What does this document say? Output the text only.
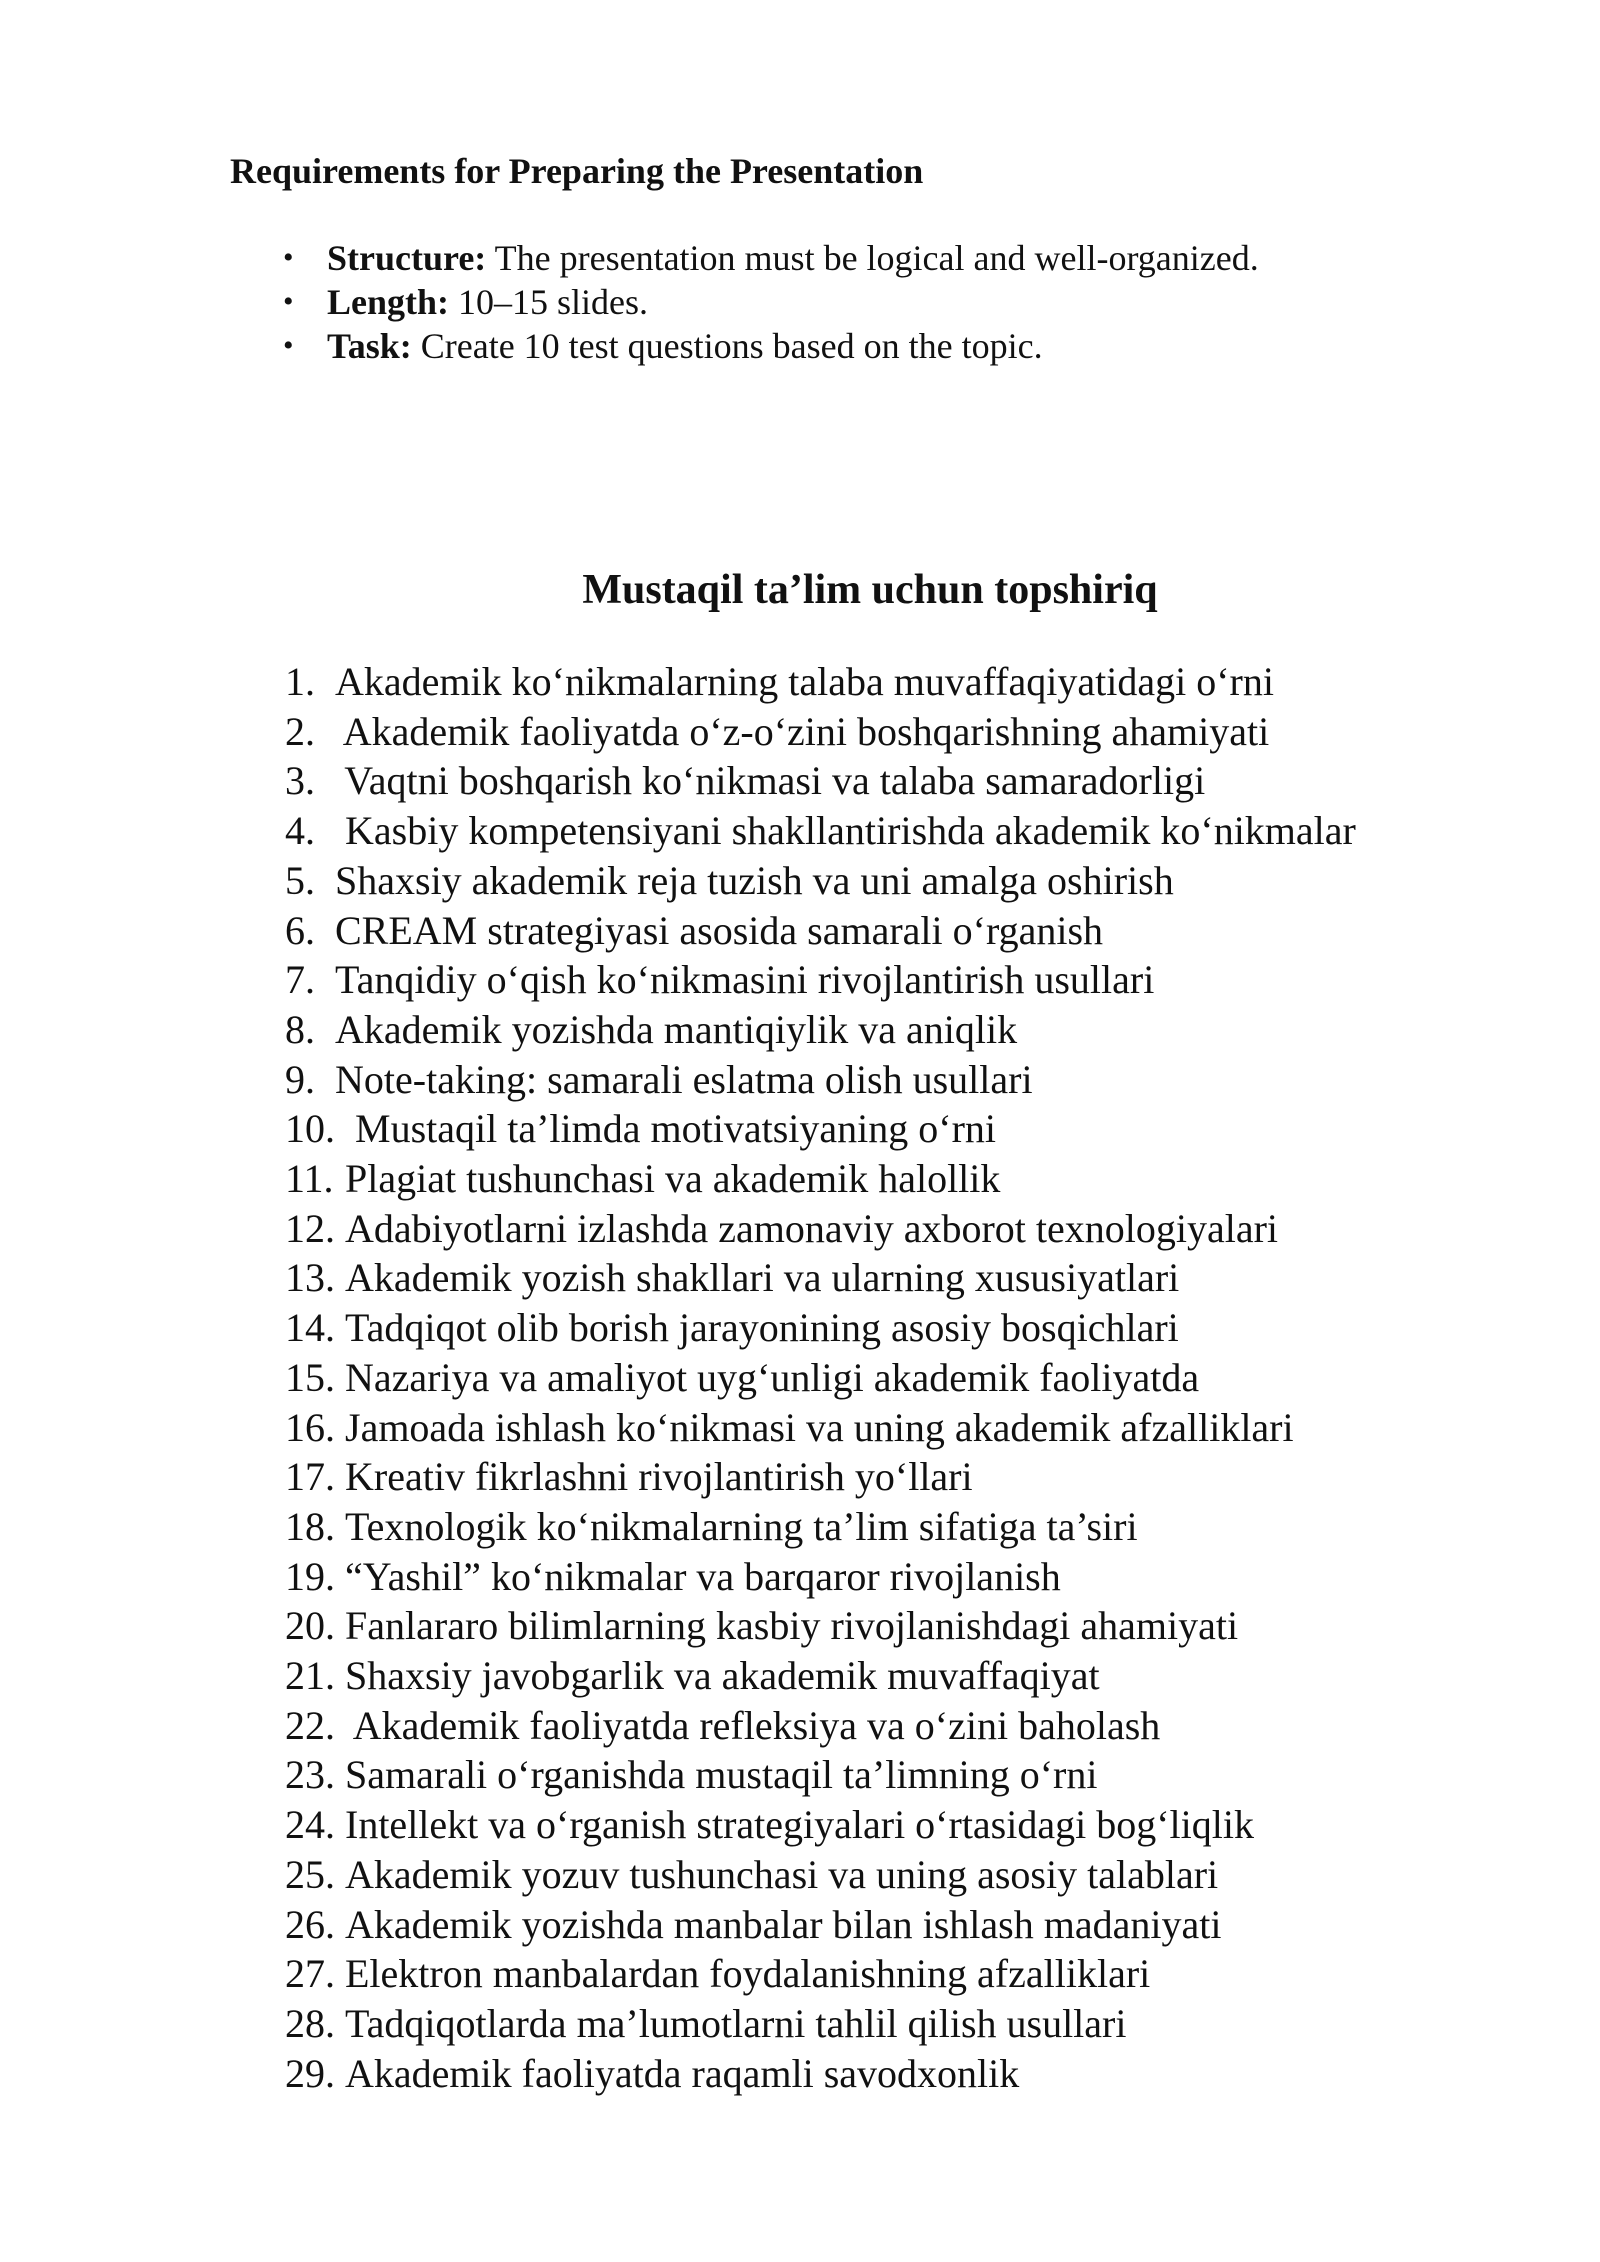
Requirements for Preparing the Presentation
• Structure: The presentation must be logical and well-organized.
• Length: 10–15 slides.
• Task: Create 10 test questions based on the topic.
Mustaqil ta’lim uchun topshiriq
1. Akademik ko‘nikmalarning talaba muvaffaqiyatidagi o‘rni
2. Akademik faoliyatda o‘z-o‘zini boshqarishning ahamiyati
3. Vaqtni boshqarish ko‘nikmasi va talaba samaradorligi
4. Kasbiy kompetensiyani shakllantirishda akademik ko‘nikmalar
5. Shaxsiy akademik reja tuzish va uni amalga oshirish
6. CREAM strategiyasi asosida samarali o‘rganish
7. Tanqidiy o‘qish ko‘nikmasini rivojlantirish usullari
8. Akademik yozishda mantiqiylik va aniqlik
9. Note-taking: samarali eslatma olish usullari
10. Mustaqil ta’limda motivatsiyaning o‘rni
11. Plagiat tushunchasi va akademik halollik
12. Adabiyotlarni izlashda zamonaviy axborot texnologiyalari
13. Akademik yozish shakllari va ularning xususiyatlari
14. Tadqiqot olib borish jarayonining asosiy bosqichlari
15. Nazariya va amaliyot uyg‘unligi akademik faoliyatda
16. Jamoada ishlash ko‘nikmasi va uning akademik afzalliklari
17. Kreativ fikrlashni rivojlantirish yo‘llari
18. Texnologik ko‘nikmalarning ta’lim sifatiga ta’siri
19. “Yashil” ko‘nikmalar va barqaror rivojlanish
20. Fanlararo bilimlarning kasbiy rivojlanishdagi ahamiyati
21. Shaxsiy javobgarlik va akademik muvaffaqiyat
22. Akademik faoliyatda refleksiya va o‘zini baholash
23. Samarali o‘rganishda mustaqil ta’limning o‘rni
24. Intellekt va o‘rganish strategiyalari o‘rtasidagi bog‘liqlik
25. Akademik yozuv tushunchasi va uning asosiy talablari
26. Akademik yozishda manbalar bilan ishlash madaniyati
27. Elektron manbalardan foydalanishning afzalliklari
28. Tadqiqotlarda ma’lumotlarni tahlil qilish usullari
29. Akademik faoliyatda raqamli savodxonlik
